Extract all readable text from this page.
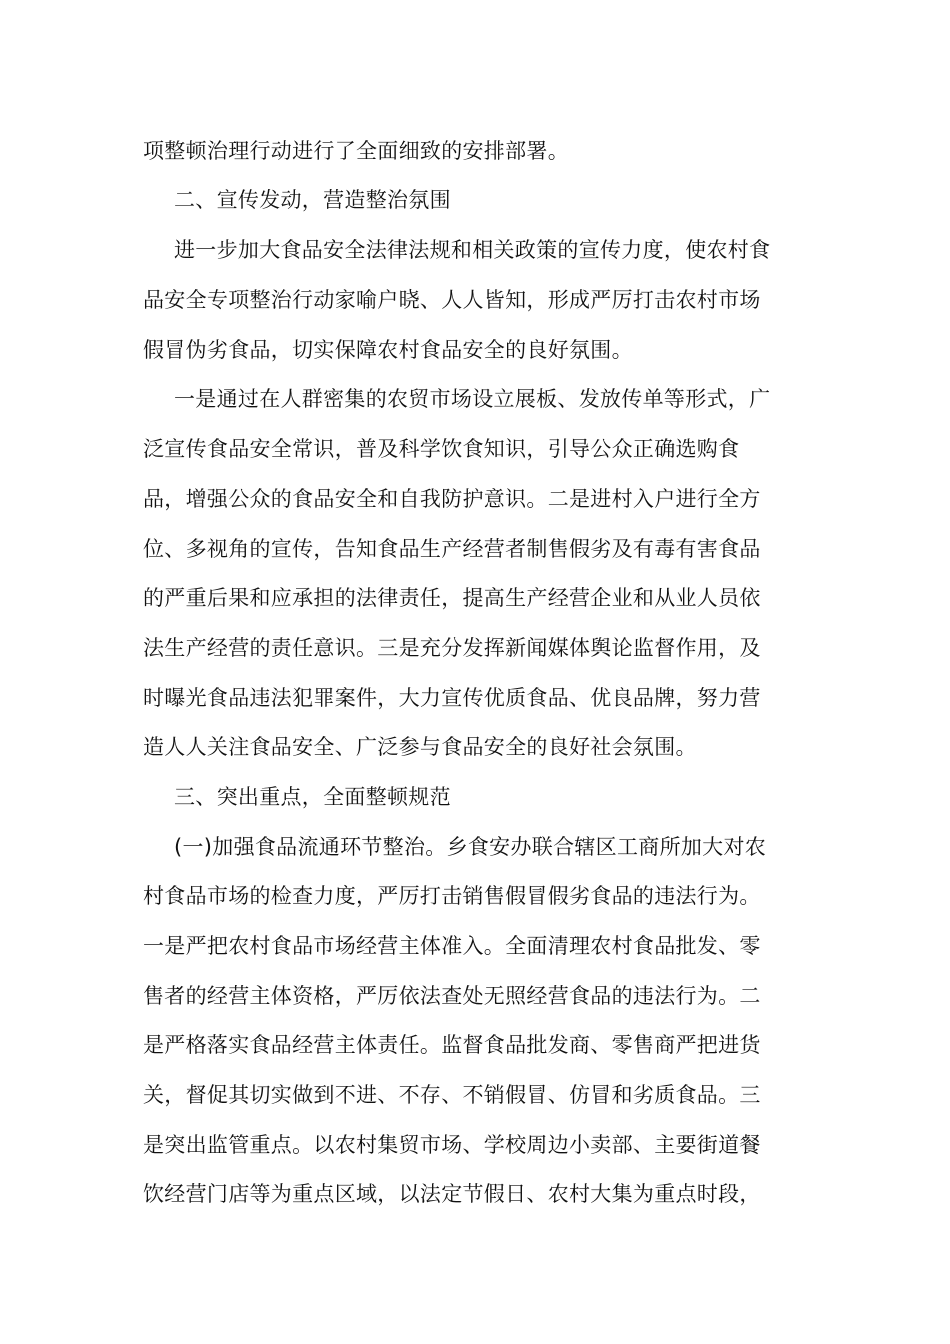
项整顿治理行动进行了全面细致的安排部署。
二、宣传发动，营造整治氛围
进一步加大食品安全法律法规和相关政策的宣传力度，使农村食
品安全专项整治行动家喻户晓、人人皆知，形成严厉打击农村市场
假冒伪劣食品，切实保障农村食品安全的良好氛围。
一是通过在人群密集的农贸市场设立展板、发放传单等形式，广
泛宣传食品安全常识，普及科学饮食知识，引导公众正确选购食
品，增强公众的食品安全和自我防护意识。二是进村入户进行全方
位、多视角的宣传，告知食品生产经营者制售假劣及有毒有害食品
的严重后果和应承担的法律责任，提高生产经营企业和从业人员依
法生产经营的责任意识。三是充分发挥新闻媒体舆论监督作用，及
时曝光食品违法犯罪案件，大力宣传优质食品、优良品牌，努力营
造人人关注食品安全、广泛参与食品安全的良好社会氛围。
三、突出重点，全面整顿规范
(一)加强食品流通环节整治。乡食安办联合辖区工商所加大对农
村食品市场的检查力度，严厉打击销售假冒假劣食品的违法行为。
一是严把农村食品市场经营主体准入。全面清理农村食品批发、零
售者的经营主体资格，严厉依法查处无照经营食品的违法行为。二
是严格落实食品经营主体责任。监督食品批发商、零售商严把进货
关，督促其切实做到不进、不存、不销假冒、仿冒和劣质食品。三
是突出监管重点。以农村集贸市场、学校周边小卖部、主要街道餐
饮经营门店等为重点区域，以法定节假日、农村大集为重点时段，
